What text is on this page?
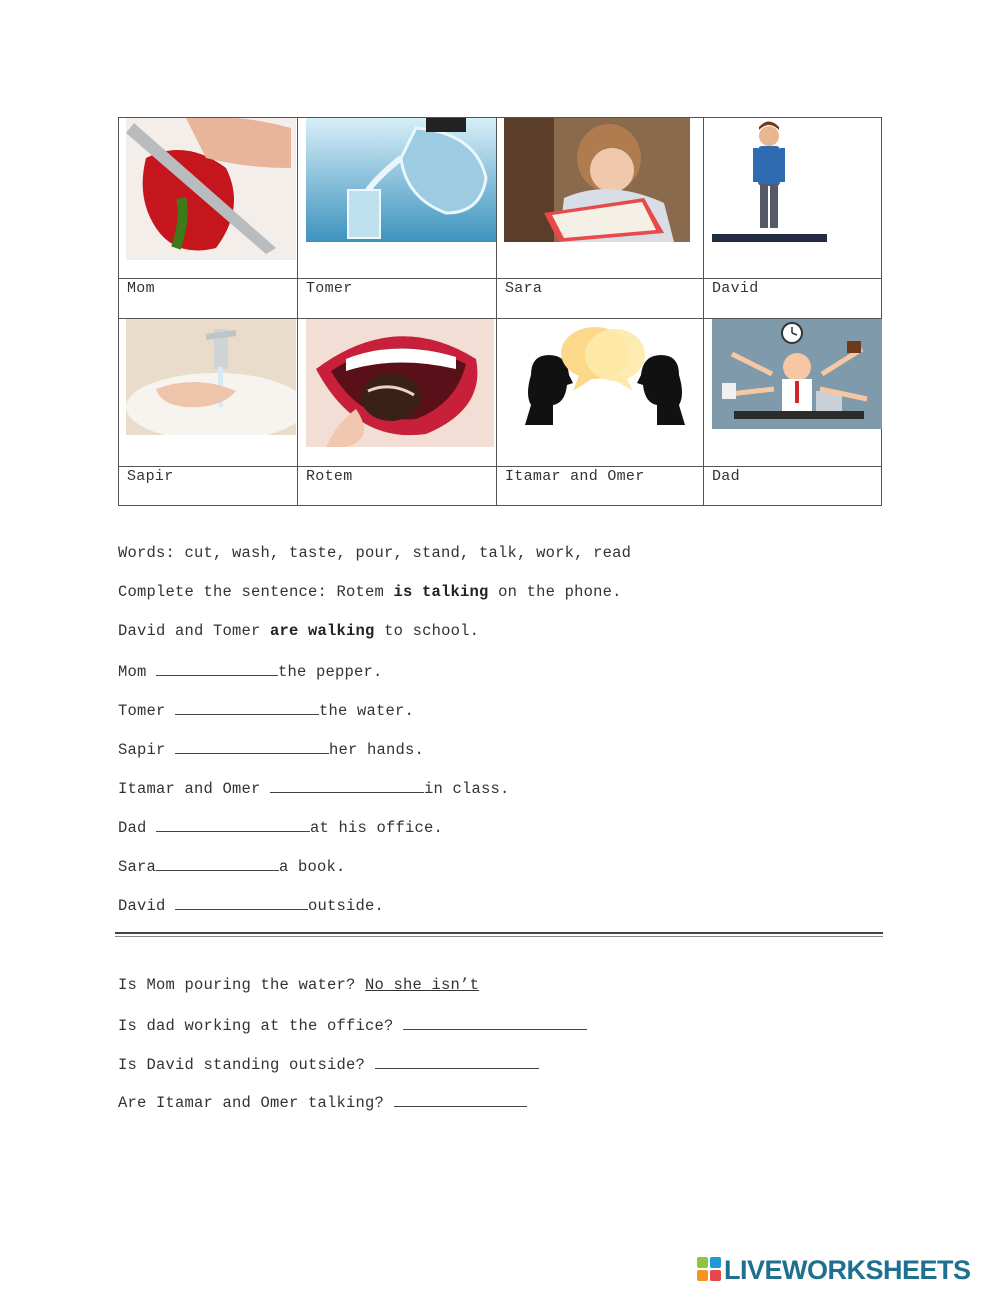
Mom	Tomer	Sara	David

Sapir	Rotem	Itamar and Omer	Dad
Words: cut, wash, taste, pour, stand, talk, work, read
Complete the sentence: Rotem is talking on the phone.
David and Tomer are walking to school.
Mom	the pepper.
Tomer	the water.
Sapir	her hands.
Itamar and Omer	in class.
Dad	at his office.
Sara	a book.
David	outside.
Is Mom pouring the water? No she isn’t
Is dad working at the office?
Is David standing outside?
Are Itamar and Omer talking?
LIVEWORKSHEETS
